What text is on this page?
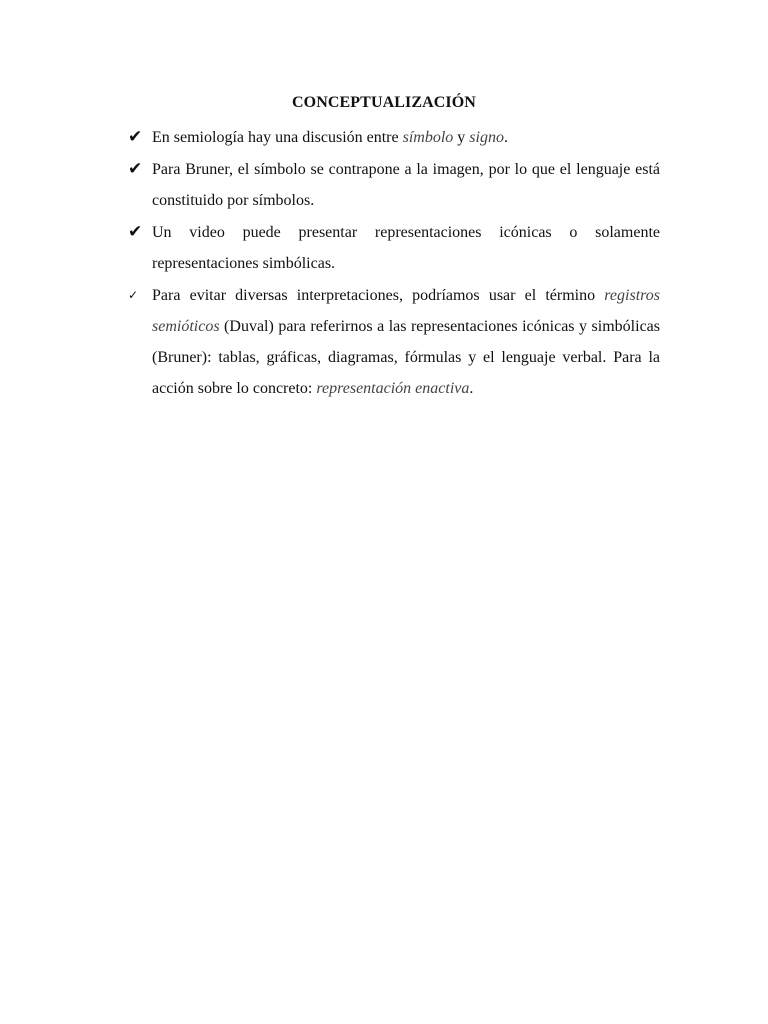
CONCEPTUALIZACIÓN
✔ En semiología hay una discusión entre símbolo y signo.
✔ Para Bruner, el símbolo se contrapone a la imagen, por lo que el lenguaje está constituido por símbolos.
✔ Un video puede presentar representaciones icónicas o solamente representaciones simbólicas.
✓ Para evitar diversas interpretaciones, podríamos usar el término registros semióticos (Duval) para referirnos a las representaciones icónicas y simbólicas (Bruner): tablas, gráficas, diagramas, fórmulas y el lenguaje verbal. Para la acción sobre lo concreto: representación enactiva.
